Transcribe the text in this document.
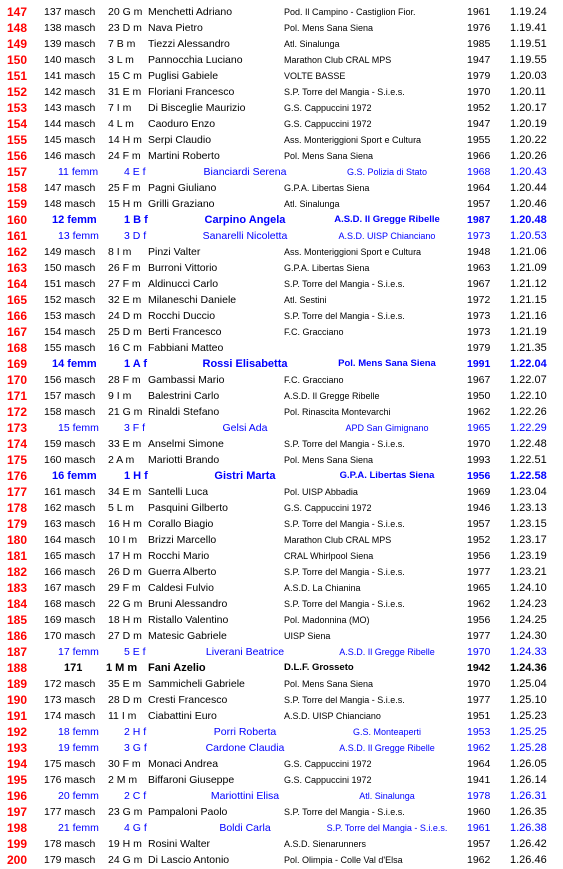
147	137 masch 20 G m Menchetti Adriano	Pod. Il Campino - Castiglion Fior.	1961 1.19.24
148	138 masch 23 D m Nava Pietro	Pol. Mens Sana Siena	1976 1.19.41
149	139 masch 7 B m Tiezzi Alessandro	Atl. Sinalunga	1985 1.19.51
150	140 masch 3 L m Pannocchia Luciano	Marathon Club CRAL MPS	1947 1.19.55
151	141 masch 15 C m Puglisi Gabiele	VOLTE BASSE	1979 1.20.03
152	142 masch 31 E m Floriani Francesco	S.P. Torre del Mangia - S.i.e.s.	1970 1.20.11
153	143 masch 7 I m Di Bisceglie Maurizio	G.S. Cappuccini 1972	1952 1.20.17
154	144 masch 4 L m Caoduro Enzo	G.S. Cappuccini 1972	1947 1.20.19
155	145 masch 14 H m Serpi Claudio	Ass. Monteriggioni Sport e Cultura	1955 1.20.22
156	146 masch 24 F m Martini Roberto	Pol. Mens Sana Siena	1966 1.20.26
157	11 femm 4 E f	Bianciardi Serena	G.S. Polizia di Stato	1968 1.20.43
158	147 masch 25 F m Pagni Giuliano	G.P.A. Libertas Siena	1964 1.20.44
159	148 masch 15 H m Grilli Graziano	Atl. Sinalunga	1957 1.20.46
160	12 femm 1 B f	Carpino Angela	A.S.D. Il Gregge Ribelle	1987 1.20.48
161	13 femm 3 D f	Sanarelli Nicoletta	A.S.D. UISP Chianciano	1973 1.20.53
162	149 masch 8 I m Pinzi Valter	Ass. Monteriggioni Sport e Cultura	1948 1.21.06
163	150 masch 26 F m Burroni Vittorio	G.P.A. Libertas Siena	1963 1.21.09
164	151 masch 27 F m Aldinucci Carlo	S.P. Torre del Mangia - S.i.e.s.	1967 1.21.12
165	152 masch 32 E m Milaneschi Daniele	Atl. Sestini	1972 1.21.15
166	153 masch 24 D m Rocchi Duccio	S.P. Torre del Mangia - S.i.e.s.	1973 1.21.16
167	154 masch 25 D m Berti Francesco	F.C. Gracciano	1973 1.21.19
168	155 masch 16 C m Fabbiani Matteo	1979 1.21.35
169	14 femm 1 A f	Rossi Elisabetta	Pol. Mens Sana Siena	1991 1.22.04
170	156 masch 28 F m Gambassi Mario	F.C. Gracciano	1967 1.22.07
171	157 masch 9 I m Balestrini Carlo	A.S.D. Il Gregge Ribelle	1950 1.22.10
172	158 masch 21 G m Rinaldi Stefano	Pol. Rinascita Montevarchi	1962 1.22.26
173	15 femm 3 F f	Gelsi Ada	APD San Gimignano	1965 1.22.29
174	159 masch 33 E m Anselmi Simone	S.P. Torre del Mangia - S.i.e.s.	1970 1.22.48
175	160 masch 2 A m Mariotti Brando	Pol. Mens Sana Siena	1993 1.22.51
176	16 femm 1 H f	Gistri Marta	G.P.A. Libertas Siena	1956 1.22.58
177	161 masch 34 E m Santelli Luca	Pol. UISP Abbadia	1969 1.23.04
178	162 masch 5 L m Pasquini Gilberto	G.S. Cappuccini 1972	1946 1.23.13
179	163 masch 16 H m Corallo Biagio	S.P. Torre del Mangia - S.i.e.s.	1957 1.23.15
180	164 masch 10 I m Brizzi Marcello	Marathon Club CRAL MPS	1952 1.23.17
181	165 masch 17 H m Rocchi Mario	CRAL Whirlpool Siena	1956 1.23.19
182	166 masch 26 D m Guerra Alberto	S.P. Torre del Mangia - S.i.e.s.	1977 1.23.21
183	167 masch 29 F m Caldesi Fulvio	A.S.D. La Chianina	1965 1.24.10
184	168 masch 22 G m Bruni Alessandro	S.P. Torre del Mangia - S.i.e.s.	1962 1.24.23
185	169 masch 18 H m Ristallo Valentino	Pol. Madonnina (MO)	1956 1.24.25
186	170 masch 27 D m Matesic Gabriele	UISP Siena	1977 1.24.30
187	17 femm 5 E f	Liverani Beatrice	A.S.D. Il Gregge Ribelle	1970 1.24.33
188	171 1 M m Fani Azelio	D.L.F. Grosseto	1942 1.24.36
189	172 masch 35 E m Sammicheli Gabriele	Pol. Mens Sana Siena	1970 1.25.04
190	173 masch 28 D m Cresti Francesco	S.P. Torre del Mangia - S.i.e.s.	1977 1.25.10
191	174 masch 11 I m Ciabattini Euro	A.S.D. UISP Chianciano	1951 1.25.23
192	18 femm 2 H f	Porri Roberta	G.S. Monteaperti	1953 1.25.25
193	19 femm 3 G f	Cardone Claudia	A.S.D. Il Gregge Ribelle	1962 1.25.28
194	175 masch 30 F m Monaci Andrea	G.S. Cappuccini 1972	1964 1.26.05
195	176 masch 2 M m Biffaroni Giuseppe	G.S. Cappuccini 1972	1941 1.26.14
196	20 femm 2 C f	Mariottini Elisa	Atl. Sinalunga	1978 1.26.31
197	177 masch 23 G m Pampaloni Paolo	S.P. Torre del Mangia - S.i.e.s.	1960 1.26.35
198	21 femm 4 G f	Boldi Carla	S.P. Torre del Mangia - S.i.e.s.	1961 1.26.38
199	178 masch 19 H m Rosini Walter	A.S.D. Sienarunners	1957 1.26.42
200	179 masch 24 G m Di Lascio Antonio	Pol. Olimpia - Colle Val d'Elsa	1962 1.26.46
